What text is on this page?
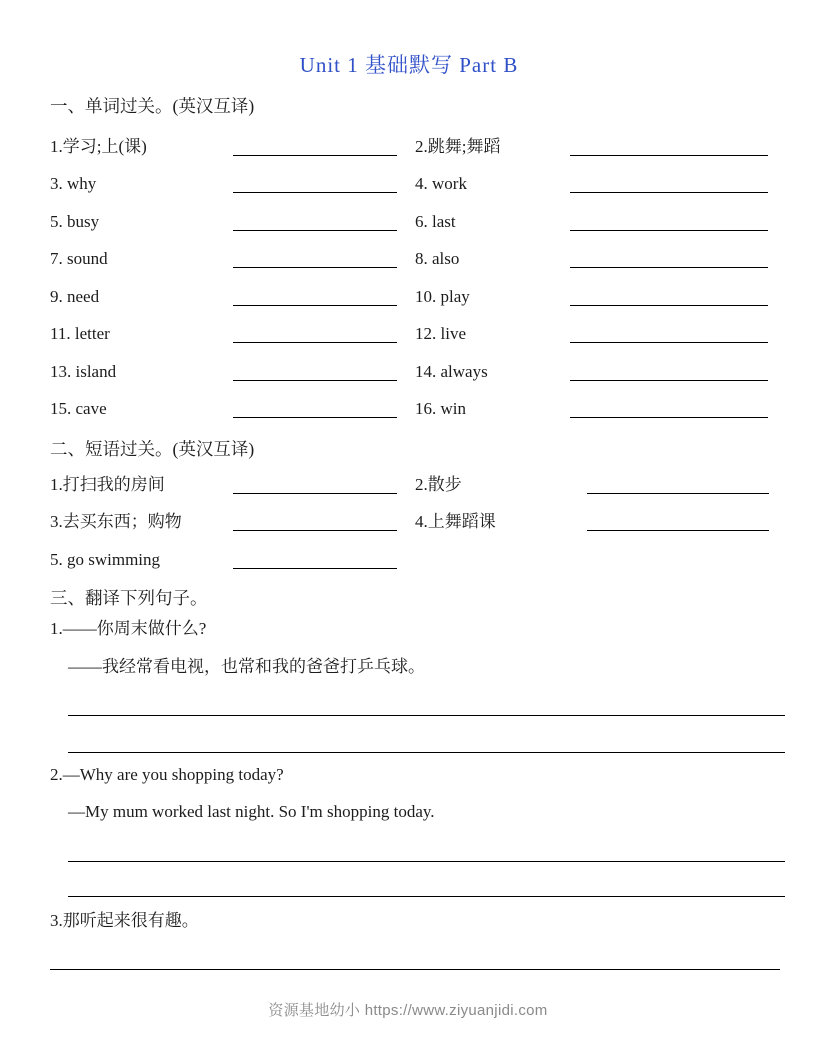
Unit 1 基础默写 Part B
一、单词过关。(英汉互译)
1.学习;上(课)	2.跳舞;舞蹈
3. why	4. work
5. busy	6. last
7. sound	8. also
9. need	10. play
11. letter	12. live
13. island	14. always
15. cave	16. win
二、短语过关。(英汉互译)
1.打扫我的房间	2.散步
3.去买东西；购物	4.上舞蹈课
5. go swimming
三、翻译下列句子。

1.——你周末做什么?

——我经常看电视，也常和我的爸爸打乒乓球。

2.—Why are you shopping today?

—My mum worked last night. So I'm shopping today.

3.那听起来很有趣。

资源基地幼小 https://www.ziyuanjidi.com
